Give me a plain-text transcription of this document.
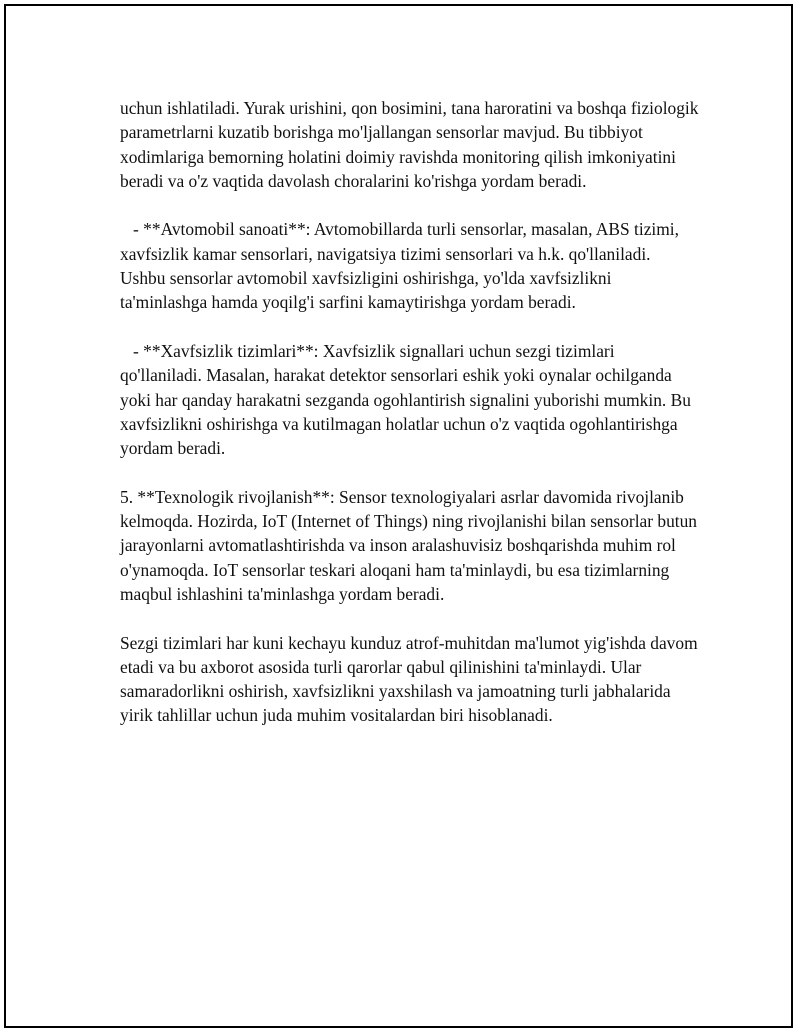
uchun ishlatiladi. Yurak urishini, qon bosimini, tana haroratini va boshqa fiziologik parametrlarni kuzatib borishga mo'ljallangan sensorlar mavjud. Bu tibbiyot xodimlariga bemorning holatini doimiy ravishda monitoring qilish imkoniyatini beradi va o'z vaqtida davolash choralarini ko'rishga yordam beradi.

- **Avtomobil sanoati**: Avtomobillarda turli sensorlar, masalan, ABS tizimi, xavfsizlik kamar sensorlari, navigatsiya tizimi sensorlari va h.k. qo'llaniladi. Ushbu sensorlar avtomobil xavfsizligini oshirishga, yo'lda xavfsizlikni ta'minlashga hamda yoqilg'i sarfini kamaytirishga yordam beradi.

- **Xavfsizlik tizimlari**: Xavfsizlik signallari uchun sezgi tizimlari qo'llaniladi. Masalan, harakat detektor sensorlari eshik yoki oynalar ochilganda yoki har qanday harakatni sezganda ogohlantirish signalini yuborishi mumkin. Bu xavfsizlikni oshirishga va kutilmagan holatlar uchun o'z vaqtida ogohlantirishga yordam beradi.

5. **Texnologik rivojlanish**: Sensor texnologiyalari asrlar davomida rivojlanib kelmoqda. Hozirda, IoT (Internet of Things) ning rivojlanishi bilan sensorlar butun jarayonlarni avtomatlashtirishda va inson aralashuvisiz boshqarishda muhim rol o'ynamoqda. IoT sensorlar teskari aloqani ham ta'minlaydi, bu esa tizimlarning maqbul ishlashini ta'minlashga yordam beradi.

Sezgi tizimlari har kuni kechayu kunduz atrof-muhitdan ma'lumot yig'ishda davom etadi va bu axborot asosida turli qarorlar qabul qilinishini ta'minlaydi. Ular samaradorlikni oshirish, xavfsizlikni yaxshilash va jamoatning turli jabhalarida yirik tahlillar uchun juda muhim vositalardan biri hisoblanadi.
